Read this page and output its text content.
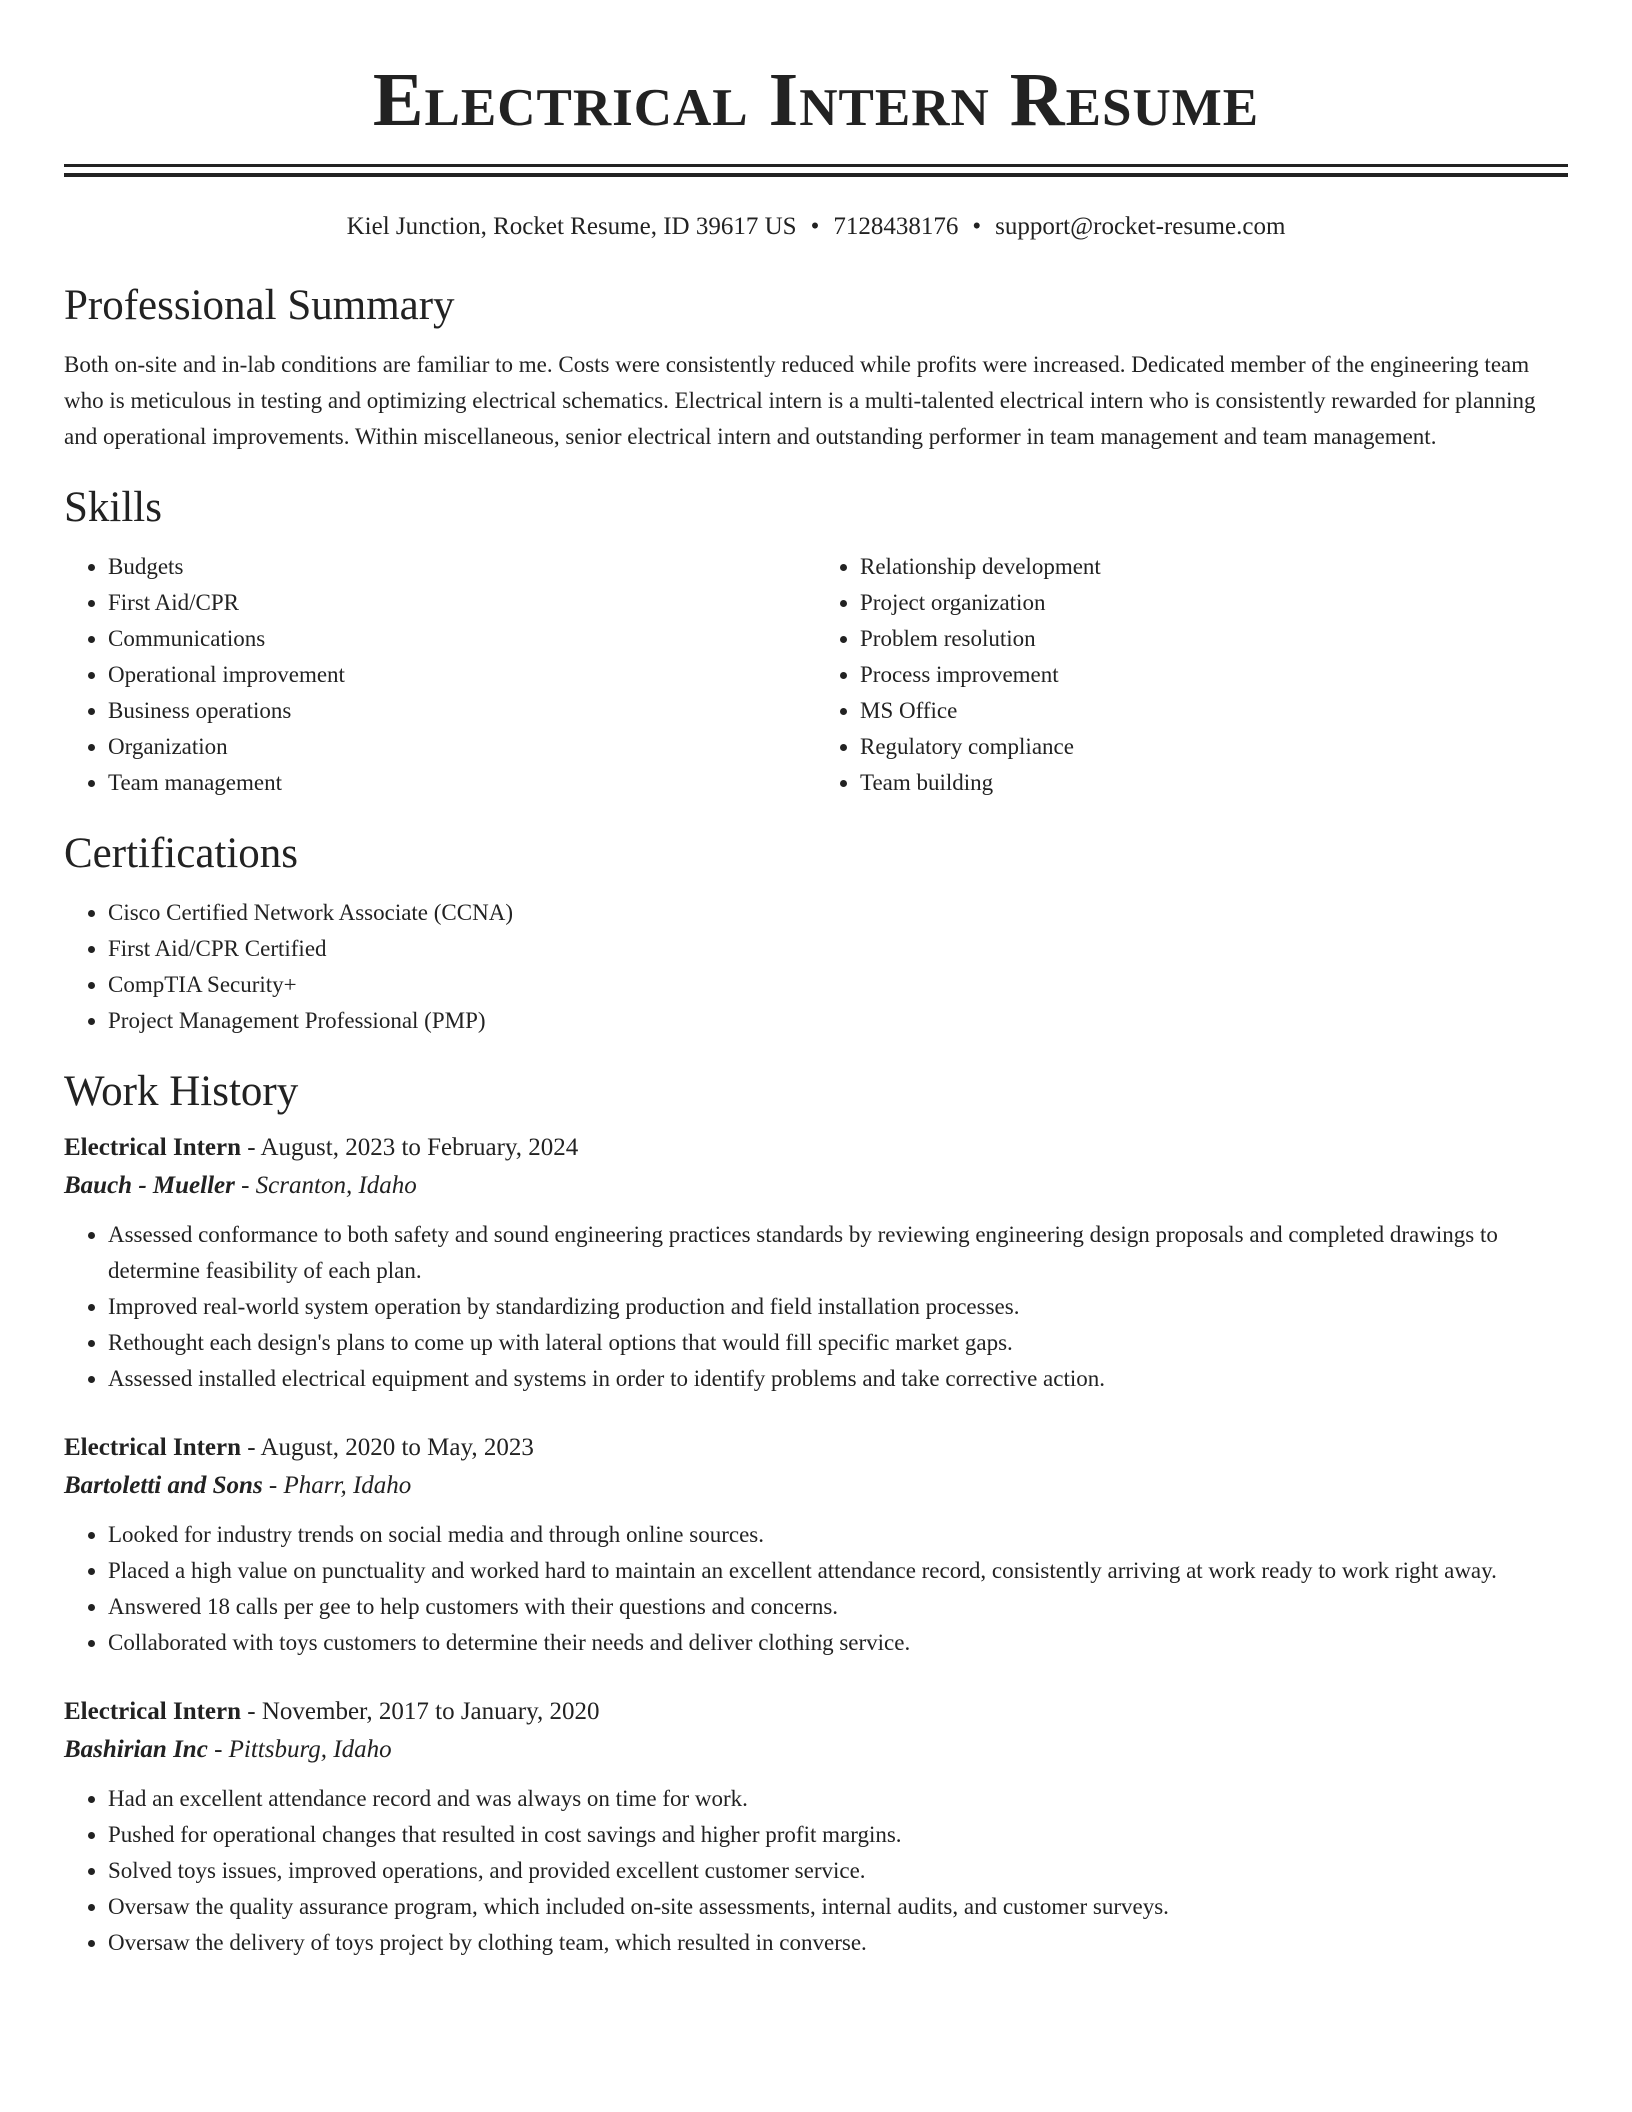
Electrical Intern Resume
Kiel Junction, Rocket Resume, ID 39617 US • 7128438176 • support@rocket-resume.com
Professional Summary

Both on-site and in-lab conditions are familiar to me. Costs were consistently reduced while profits were increased. Dedicated member of the engineering team who is meticulous in testing and optimizing electrical schematics. Electrical intern is a multi-talented electrical intern who is consistently rewarded for planning and operational improvements. Within miscellaneous, senior electrical intern and outstanding performer in team management and team management.

Skills
• Budgets
• First Aid/CPR
• Communications
• Operational improvement
• Business operations
• Organization
• Team management
• Relationship development
• Project organization
• Problem resolution
• Process improvement
• MS Office
• Regulatory compliance
• Team building
Certifications
• Cisco Certified Network Associate (CCNA)
• First Aid/CPR Certified
• CompTIA Security+
• Project Management Professional (PMP)
Work History
Electrical Intern - August, 2023 to February, 2024
Bauch - Mueller - Scranton, Idaho
• Assessed conformance to both safety and sound engineering practices standards by reviewing engineering design proposals and completed drawings to determine feasibility of each plan.
• Improved real-world system operation by standardizing production and field installation processes.
• Rethought each design's plans to come up with lateral options that would fill specific market gaps.
• Assessed installed electrical equipment and systems in order to identify problems and take corrective action.
Electrical Intern - August, 2020 to May, 2023
Bartoletti and Sons - Pharr, Idaho
• Looked for industry trends on social media and through online sources.
• Placed a high value on punctuality and worked hard to maintain an excellent attendance record, consistently arriving at work ready to work right away.
• Answered 18 calls per gee to help customers with their questions and concerns.
• Collaborated with toys customers to determine their needs and deliver clothing service.
Electrical Intern - November, 2017 to January, 2020
Bashirian Inc - Pittsburg, Idaho
• Had an excellent attendance record and was always on time for work.
• Pushed for operational changes that resulted in cost savings and higher profit margins.
• Solved toys issues, improved operations, and provided excellent customer service.
• Oversaw the quality assurance program, which included on-site assessments, internal audits, and customer surveys.
• Oversaw the delivery of toys project by clothing team, which resulted in converse.
